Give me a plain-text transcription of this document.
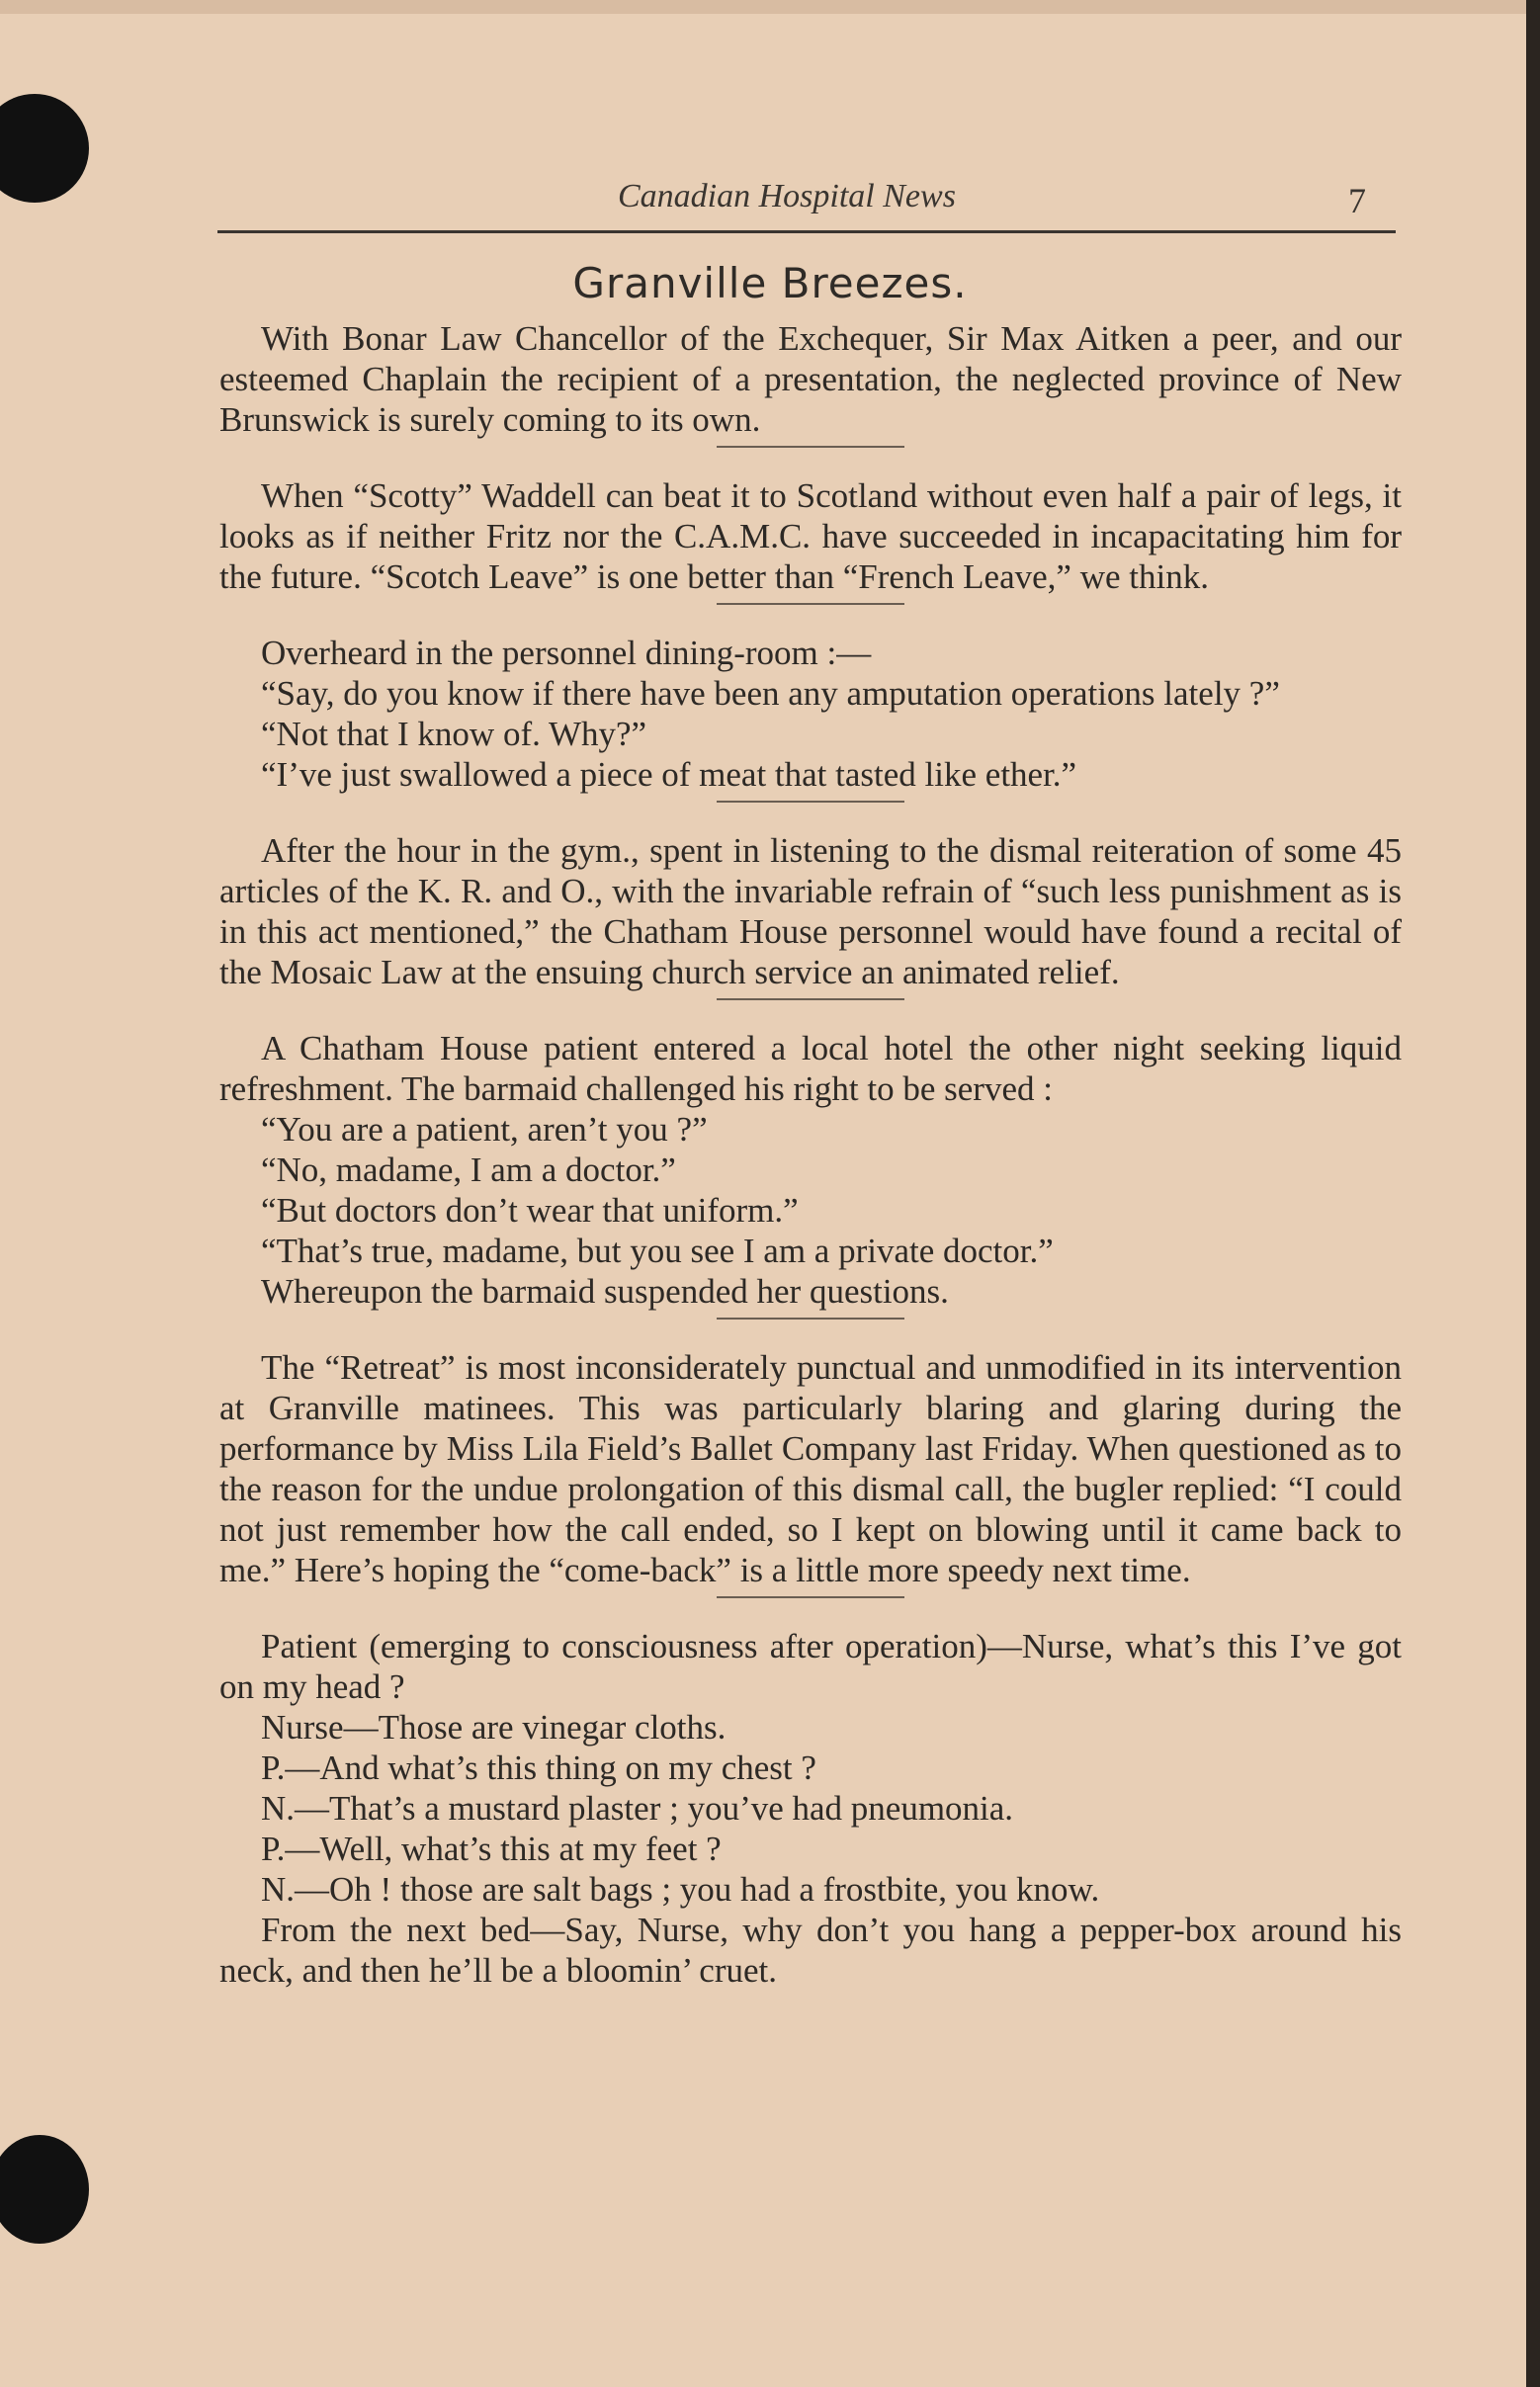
Canadian Hospital News	7
Granville Breezes.

With Bonar Law Chancellor of the Exchequer, Sir Max Aitken a peer, and our esteemed Chaplain the recipient of a presentation, the neglected province of New Brunswick is surely coming to its own.

When “Scotty” Waddell can beat it to Scotland without even half a pair of legs, it looks as if neither Fritz nor the C.A.M.C. have succeeded in incapacitating him for the future. “Scotch Leave” is one better than “French Leave,” we think.

Overheard in the personnel dining-room :—

“Say, do you know if there have been any amputation operations lately ?”

“Not that I know of. Why?”

“I’ve just swallowed a piece of meat that tasted like ether.”

After the hour in the gym., spent in listening to the dismal reiteration of some 45 articles of the K. R. and O., with the invariable refrain of “such less punishment as is in this act mentioned,” the Chatham House personnel would have found a recital of the Mosaic Law at the ensuing church service an animated relief.

A Chatham House patient entered a local hotel the other night seeking liquid refreshment. The barmaid challenged his right to be served :

“You are a patient, aren’t you ?”

“No, madame, I am a doctor.”

“But doctors don’t wear that uniform.”

“That’s true, madame, but you see I am a private doctor.”

Whereupon the barmaid suspended her questions.

The “Retreat” is most inconsiderately punctual and unmodified in its intervention at Granville matinees. This was particularly blaring and glaring during the performance by Miss Lila Field’s Ballet Company last Friday. When questioned as to the reason for the undue prolongation of this dismal call, the bugler replied: “I could not just remember how the call ended, so I kept on blowing until it came back to me.” Here’s hoping the “come-back” is a little more speedy next time.

Patient (emerging to consciousness after operation)—Nurse, what’s this I’ve got on my head ?

Nurse—Those are vinegar cloths.

P.—And what’s this thing on my chest ?

N.—That’s a mustard plaster ; you’ve had pneumonia.

P.—Well, what’s this at my feet ?

N.—Oh ! those are salt bags ; you had a frostbite, you know.

From the next bed—Say, Nurse, why don’t you hang a pepper-box around his neck, and then he’ll be a bloomin’ cruet.
